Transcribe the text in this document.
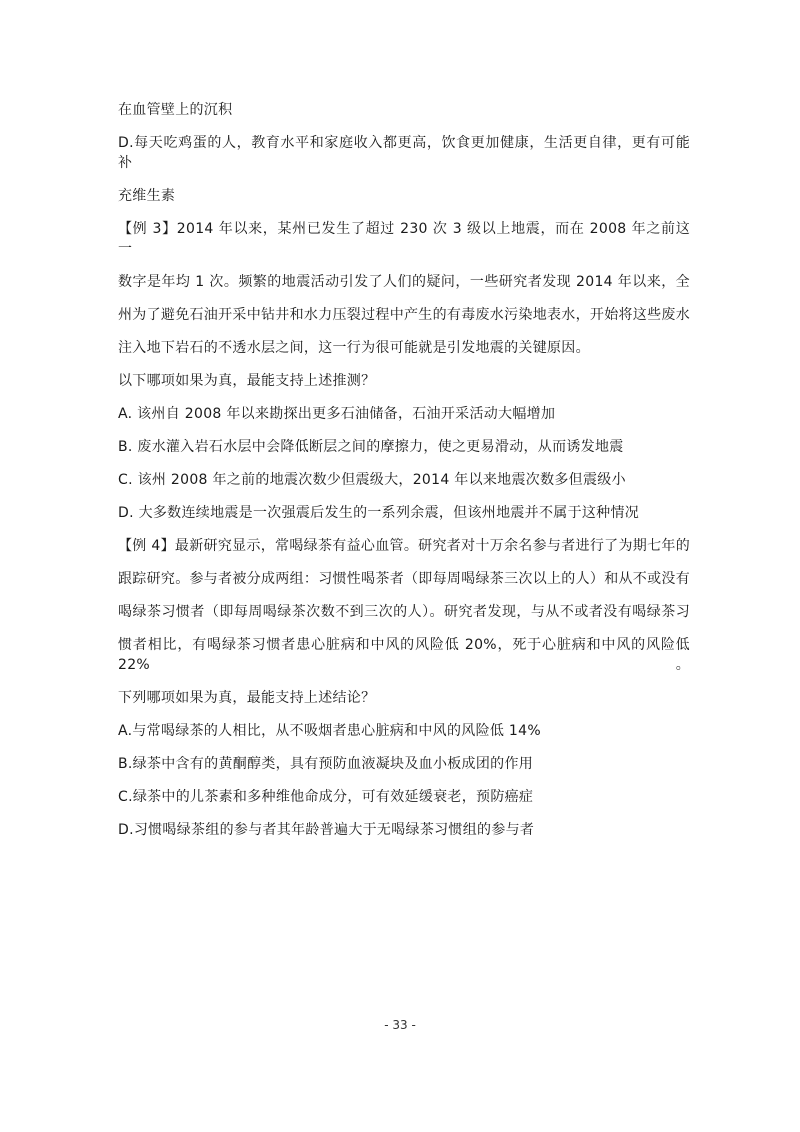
在血管壁上的沉积

D.每天吃鸡蛋的人，教育水平和家庭收入都更高，饮食更加健康，生活更自律，更有可能补

充维生素

【例 3】2014 年以来，某州已发生了超过 230 次 3 级以上地震，而在 2008 年之前这一

数字是年均 1 次。频繁的地震活动引发了人们的疑问，一些研究者发现 2014 年以来，全

州为了避免石油开采中钻井和水力压裂过程中产生的有毒废水污染地表水，开始将这些废水

注入地下岩石的不透水层之间，这一行为很可能就是引发地震的关键原因。

以下哪项如果为真，最能支持上述推测？

A. 该州自 2008 年以来勘探出更多石油储备，石油开采活动大幅增加

B. 废水灌入岩石水层中会降低断层之间的摩擦力，使之更易滑动，从而诱发地震

C. 该州 2008 年之前的地震次数少但震级大，2014 年以来地震次数多但震级小

D. 大多数连续地震是一次强震后发生的一系列余震，但该州地震并不属于这种情况

【例 4】最新研究显示，常喝绿茶有益心血管。研究者对十万余名参与者进行了为期七年的

跟踪研究。参与者被分成两组：习惯性喝茶者（即每周喝绿茶三次以上的人）和从不或没有

喝绿茶习惯者（即每周喝绿茶次数不到三次的人）。研究者发现，与从不或者没有喝绿茶习

惯者相比，有喝绿茶习惯者患心脏病和中风的风险低 20%，死于心脏病和中风的风险低 22%。

下列哪项如果为真，最能支持上述结论？

A.与常喝绿茶的人相比，从不吸烟者患心脏病和中风的风险低 14%

B.绿茶中含有的黄酮醇类，具有预防血液凝块及血小板成团的作用

C.绿茶中的儿茶素和多种维他命成分，可有效延缓衰老，预防癌症

D.习惯喝绿茶组的参与者其年龄普遍大于无喝绿茶习惯组的参与者

- 33 -
